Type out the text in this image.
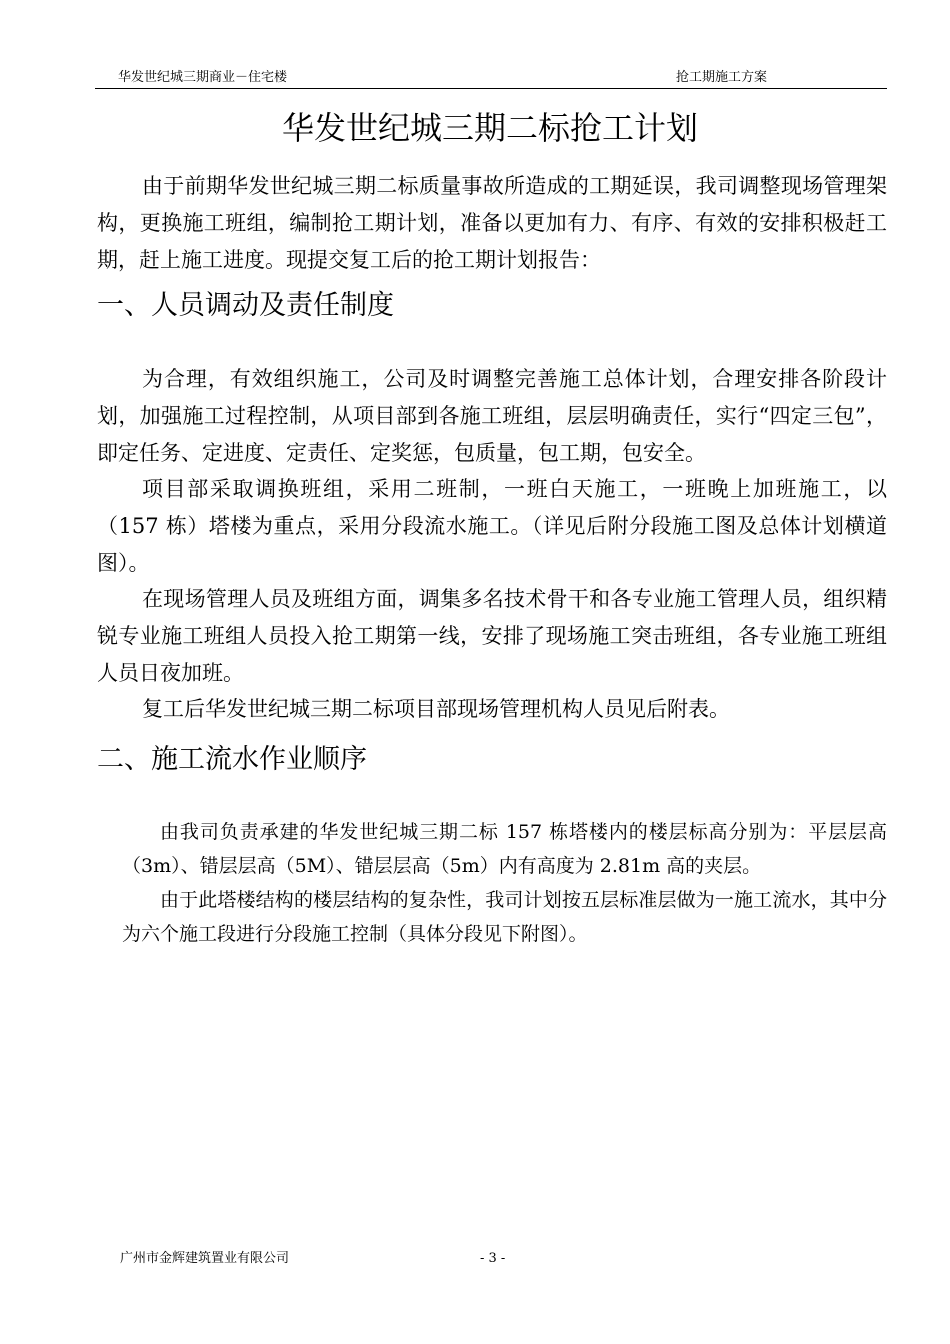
华发世纪城三期商业－住宅楼	抢工期施工方案
华发世纪城三期二标抢工计划

由于前期华发世纪城三期二标质量事故所造成的工期延误，我司调整现场管理架构，更换施工班组，编制抢工期计划，准备以更加有力、有序、有效的安排积极赶工期，赶上施工进度。现提交复工后的抢工期计划报告：

一、人员调动及责任制度

为合理，有效组织施工，公司及时调整完善施工总体计划，合理安排各阶段计划，加强施工过程控制，从项目部到各施工班组，层层明确责任，实行“四定三包”，即定任务、定进度、定责任、定奖惩，包质量，包工期，包安全。

项目部采取调换班组，采用二班制，一班白天施工，一班晚上加班施工，以（157 栋）塔楼为重点，采用分段流水施工。（详见后附分段施工图及总体计划横道图）。

在现场管理人员及班组方面，调集多名技术骨干和各专业施工管理人员，组织精锐专业施工班组人员投入抢工期第一线，安排了现场施工突击班组，各专业施工班组人员日夜加班。

复工后华发世纪城三期二标项目部现场管理机构人员见后附表。

二、施工流水作业顺序

由我司负责承建的华发世纪城三期二标 157 栋塔楼内的楼层标高分别为：平层层高（3m）、错层层高（5M）、错层层高（5m）内有高度为 2.81m 高的夹层。

由于此塔楼结构的楼层结构的复杂性，我司计划按五层标准层做为一施工流水，其中分为六个施工段进行分段施工控制（具体分段见下附图）。

广州市金辉建筑置业有限公司	- 3 -
